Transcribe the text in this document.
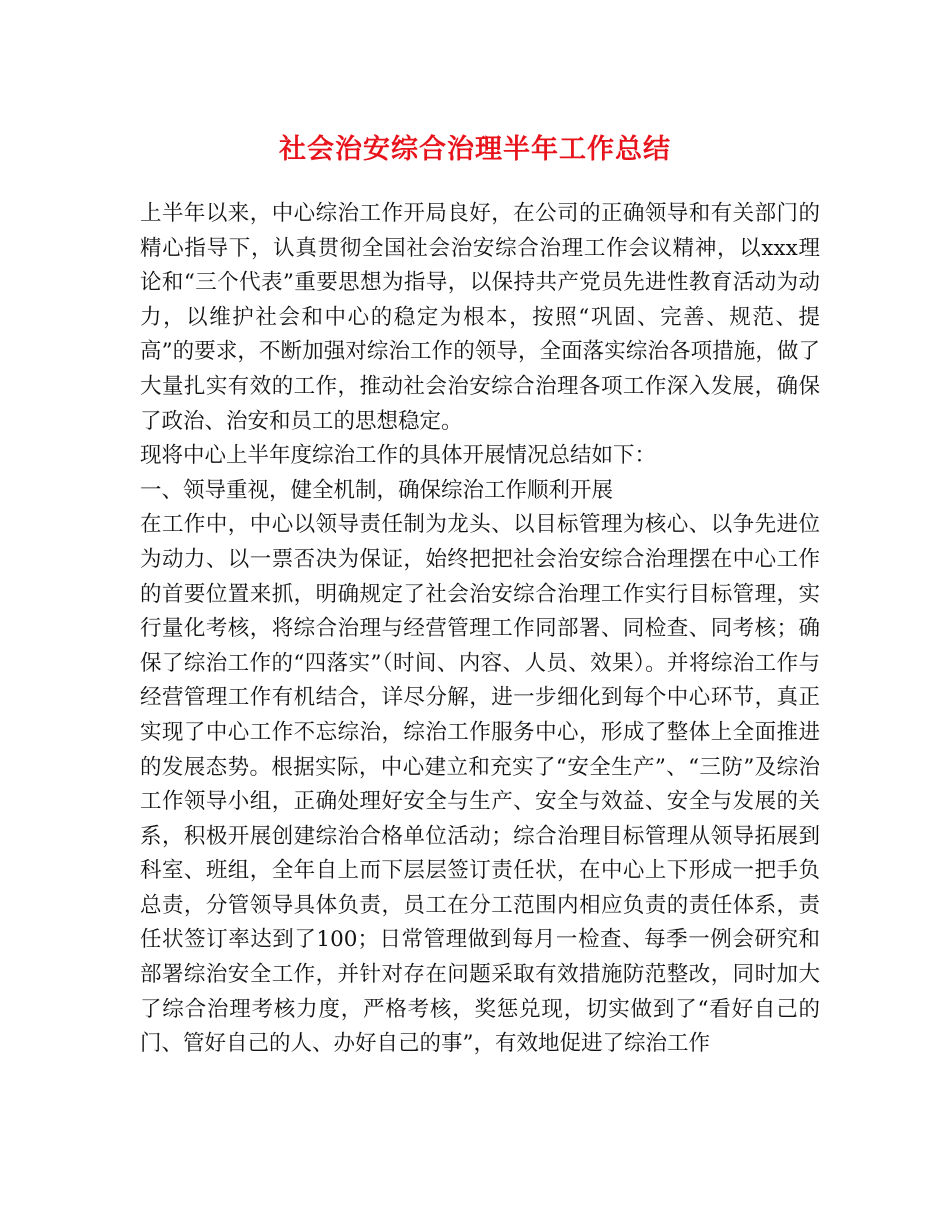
社会治安综合治理半年工作总结

上半年以来，中心综治工作开局良好，在公司的正确领导和有关部门的精心指导下，认真贯彻全国社会治安综合治理工作会议精神，以xxx理论和“三个代表”重要思想为指导，以保持共产党员先进性教育活动为动力，以维护社会和中心的稳定为根本，按照“巩固、完善、规范、提高”的要求，不断加强对综治工作的领导，全面落实综治各项措施，做了大量扎实有效的工作，推动社会治安综合治理各项工作深入发展，确保了政治、治安和员工的思想稳定。

现将中心上半年度综治工作的具体开展情况总结如下：

一、领导重视，健全机制，确保综治工作顺利开展

在工作中，中心以领导责任制为龙头、以目标管理为核心、以争先进位为动力、以一票否决为保证，始终把把社会治安综合治理摆在中心工作的首要位置来抓，明确规定了社会治安综合治理工作实行目标管理，实行量化考核，将综合治理与经营管理工作同部署、同检查、同考核；确保了综治工作的“四落实”（时间、内容、人员、效果）。并将综治工作与经营管理工作有机结合，详尽分解，进一步细化到每个中心环节，真正实现了中心工作不忘综治，综治工作服务中心，形成了整体上全面推进的发展态势。根据实际，中心建立和充实了“安全生产”、“三防”及综治工作领导小组，正确处理好安全与生产、安全与效益、安全与发展的关系，积极开展创建综治合格单位活动；综合治理目标管理从领导拓展到科室、班组，全年自上而下层层签订责任状，在中心上下形成一把手负总责，分管领导具体负责，员工在分工范围内相应负责的责任体系，责任状签订率达到了100；日常管理做到每月一检查、每季一例会研究和部署综治安全工作，并针对存在问题采取有效措施防范整改，同时加大了综合治理考核力度，严格考核，奖惩兑现，切实做到了“看好自己的门、管好自己的人、办好自己的事”，有效地促进了综治工作
